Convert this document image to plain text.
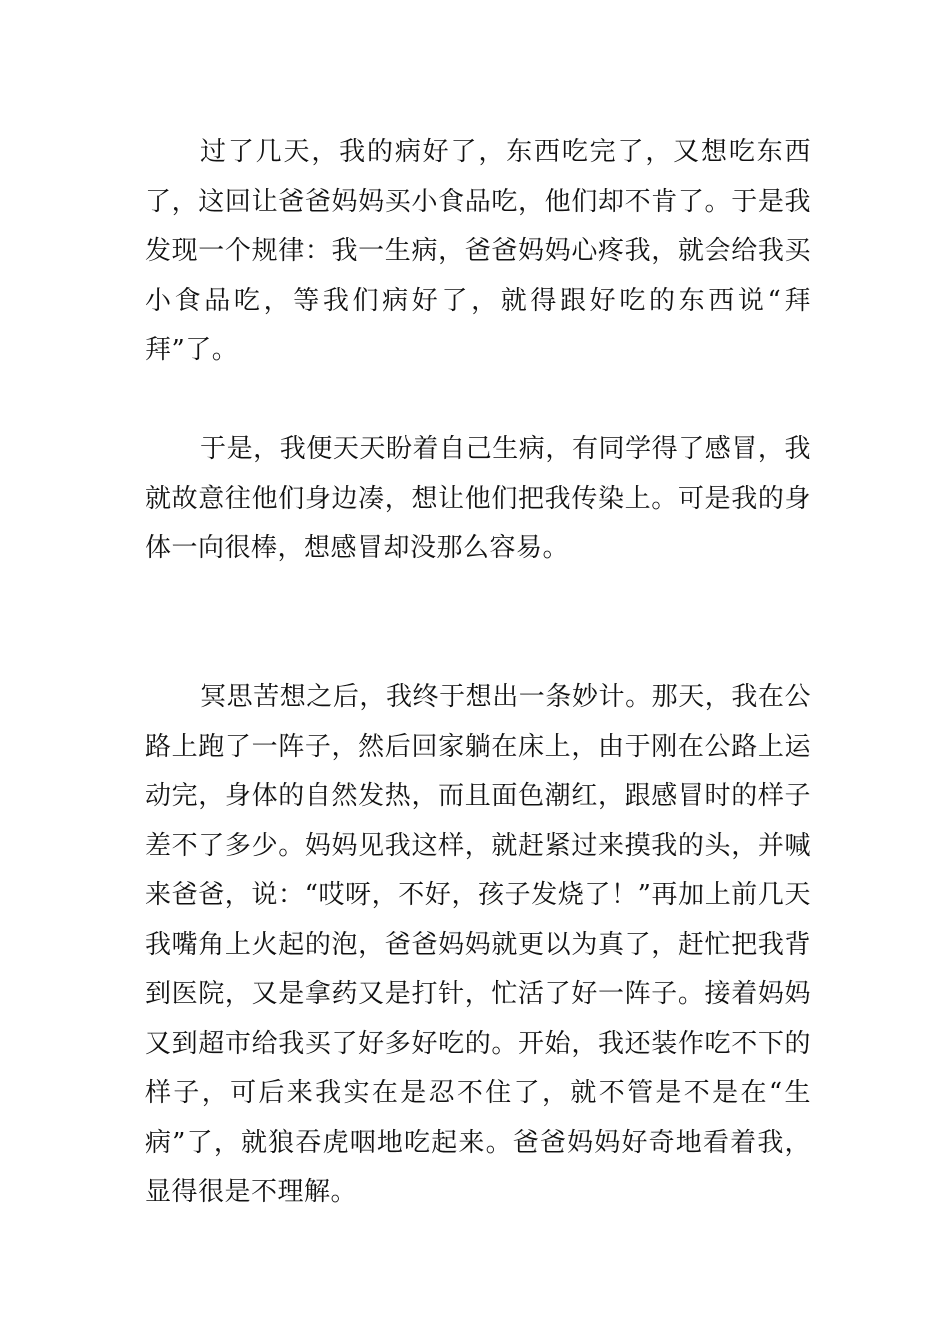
过了几天，我的病好了，东西吃完了，又想吃东西了，这回让爸爸妈妈买小食品吃，他们却不肯了。于是我发现一个规律：我一生病，爸爸妈妈心疼我，就会给我买小食品吃，等我们病好了，就得跟好吃的东西说“拜拜”了。

于是，我便天天盼着自己生病，有同学得了感冒，我就故意往他们身边凑，想让他们把我传染上。可是我的身体一向很棒，想感冒却没那么容易。

冥思苦想之后，我终于想出一条妙计。那天，我在公路上跑了一阵子，然后回家躺在床上，由于刚在公路上运动完，身体的自然发热，而且面色潮红，跟感冒时的样子差不了多少。妈妈见我这样，就赶紧过来摸我的头，并喊来爸爸，说：“哎呀，不好，孩子发烧了！”再加上前几天我嘴角上火起的泡，爸爸妈妈就更以为真了，赶忙把我背到医院，又是拿药又是打针，忙活了好一阵子。接着妈妈又到超市给我买了好多好吃的。开始，我还装作吃不下的样子，可后来我实在是忍不住了，就不管是不是在“生病”了，就狼吞虎咽地吃起来。爸爸妈妈好奇地看着我，显得很是不理解。
